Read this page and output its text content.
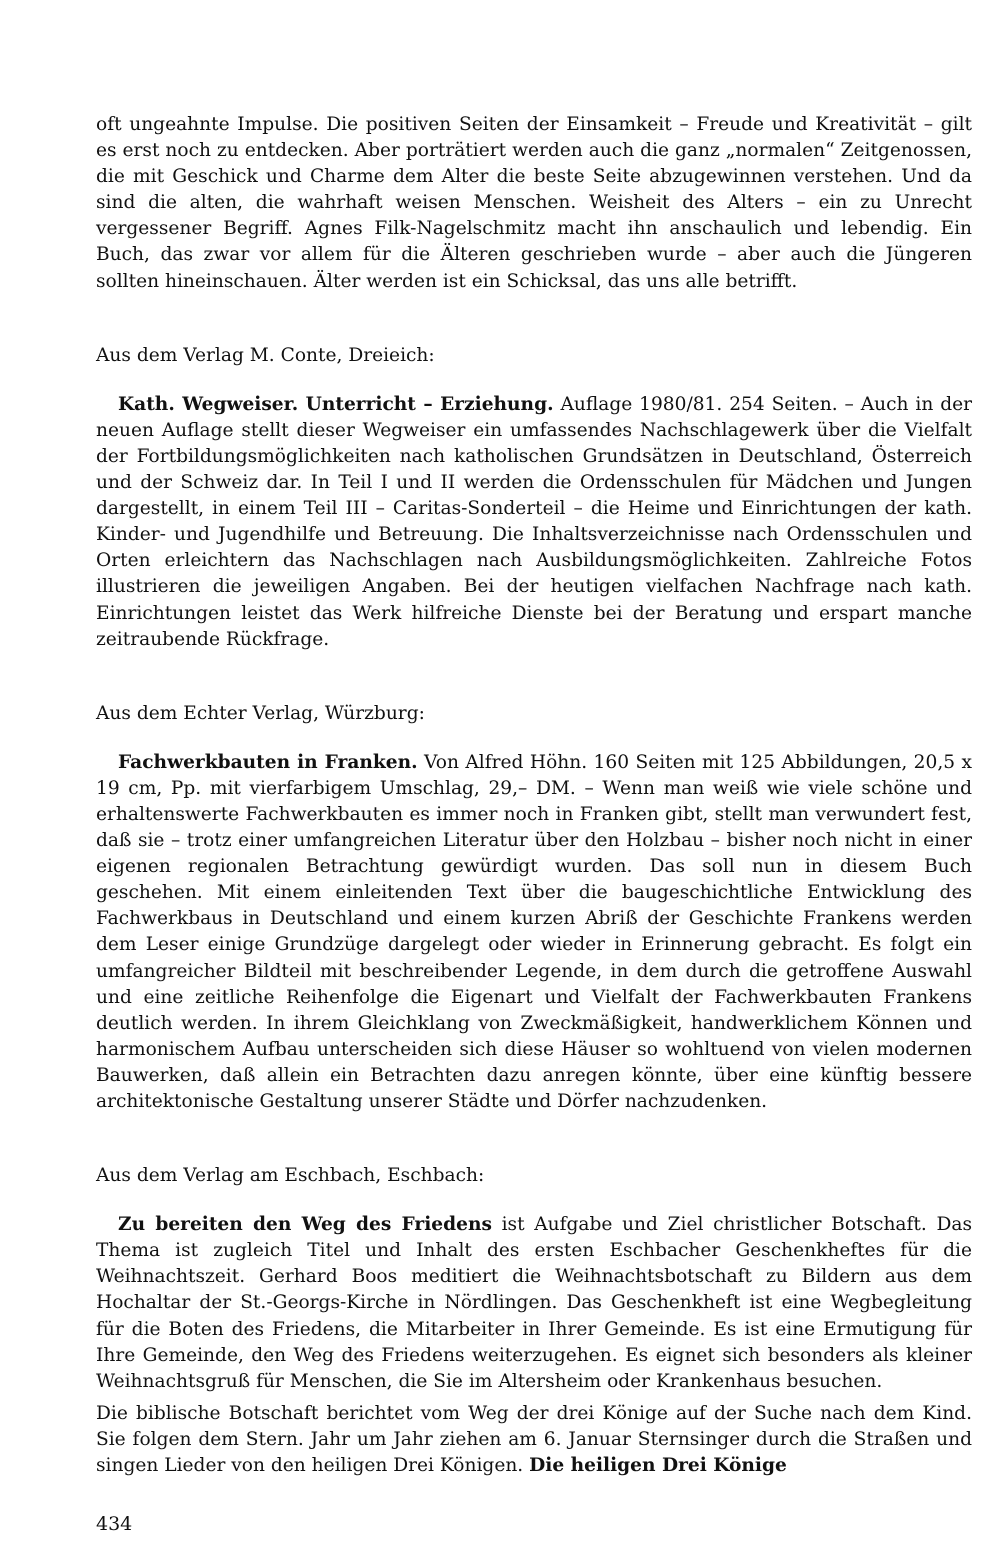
oft ungeahnte Impulse. Die positiven Seiten der Einsamkeit – Freude und Kreativität – gilt es erst noch zu entdecken. Aber porträtiert werden auch die ganz „normalen“ Zeitgenossen, die mit Geschick und Charme dem Alter die beste Seite abzugewinnen verstehen. Und da sind die alten, die wahrhaft weisen Menschen. Weisheit des Alters – ein zu Unrecht vergessener Begriff. Agnes Filk-Nagelschmitz macht ihn anschaulich und lebendig. Ein Buch, das zwar vor allem für die Älteren geschrieben wurde – aber auch die Jüngeren sollten hineinschauen. Älter werden ist ein Schicksal, das uns alle betrifft.

Aus dem Verlag M. Conte, Dreieich:

Kath. Wegweiser. Unterricht – Erziehung. Auflage 1980/81. 254 Seiten. – Auch in der neuen Auflage stellt dieser Wegweiser ein umfassendes Nachschlagewerk über die Vielfalt der Fortbildungsmöglichkeiten nach katholischen Grundsätzen in Deutschland, Österreich und der Schweiz dar. In Teil I und II werden die Ordensschulen für Mädchen und Jungen dargestellt, in einem Teil III – Caritas-Sonderteil – die Heime und Einrichtungen der kath. Kinder- und Jugendhilfe und Betreuung. Die Inhaltsverzeichnisse nach Ordensschulen und Orten erleichtern das Nachschlagen nach Ausbildungsmöglichkeiten. Zahlreiche Fotos illustrieren die jeweiligen Angaben. Bei der heutigen vielfachen Nachfrage nach kath. Einrichtungen leistet das Werk hilfreiche Dienste bei der Beratung und erspart manche zeitraubende Rückfrage.

Aus dem Echter Verlag, Würzburg:

Fachwerkbauten in Franken. Von Alfred Höhn. 160 Seiten mit 125 Abbildungen, 20,5 x 19 cm, Pp. mit vierfarbigem Umschlag, 29,– DM. – Wenn man weiß wie viele schöne und erhaltenswerte Fachwerkbauten es immer noch in Franken gibt, stellt man verwundert fest, daß sie – trotz einer umfangreichen Literatur über den Holzbau – bisher noch nicht in einer eigenen regionalen Betrachtung gewürdigt wurden. Das soll nun in diesem Buch geschehen. Mit einem einleitenden Text über die baugeschichtliche Entwicklung des Fachwerkbaus in Deutschland und einem kurzen Abriß der Geschichte Frankens werden dem Leser einige Grundzüge dargelegt oder wieder in Erinnerung gebracht. Es folgt ein umfangreicher Bildteil mit beschreibender Legende, in dem durch die getroffene Auswahl und eine zeitliche Reihenfolge die Eigenart und Vielfalt der Fachwerkbauten Frankens deutlich werden. In ihrem Gleichklang von Zweckmäßigkeit, handwerklichem Können und harmonischem Aufbau unterscheiden sich diese Häuser so wohltuend von vielen modernen Bauwerken, daß allein ein Betrachten dazu anregen könnte, über eine künftig bessere architektonische Gestaltung unserer Städte und Dörfer nachzudenken.

Aus dem Verlag am Eschbach, Eschbach:

Zu bereiten den Weg des Friedens ist Aufgabe und Ziel christlicher Botschaft. Das Thema ist zugleich Titel und Inhalt des ersten Eschbacher Geschenkheftes für die Weihnachtszeit. Gerhard Boos meditiert die Weihnachtsbotschaft zu Bildern aus dem Hochaltar der St.-Georgs-Kirche in Nördlingen. Das Geschenkheft ist eine Wegbegleitung für die Boten des Friedens, die Mitarbeiter in Ihrer Gemeinde. Es ist eine Ermutigung für Ihre Gemeinde, den Weg des Friedens weiterzugehen. Es eignet sich besonders als kleiner Weihnachtsgruß für Menschen, die Sie im Altersheim oder Krankenhaus besuchen.

Die biblische Botschaft berichtet vom Weg der drei Könige auf der Suche nach dem Kind. Sie folgen dem Stern. Jahr um Jahr ziehen am 6. Januar Sternsinger durch die Straßen und singen Lieder von den heiligen Drei Königen. Die heiligen Drei Könige

434
